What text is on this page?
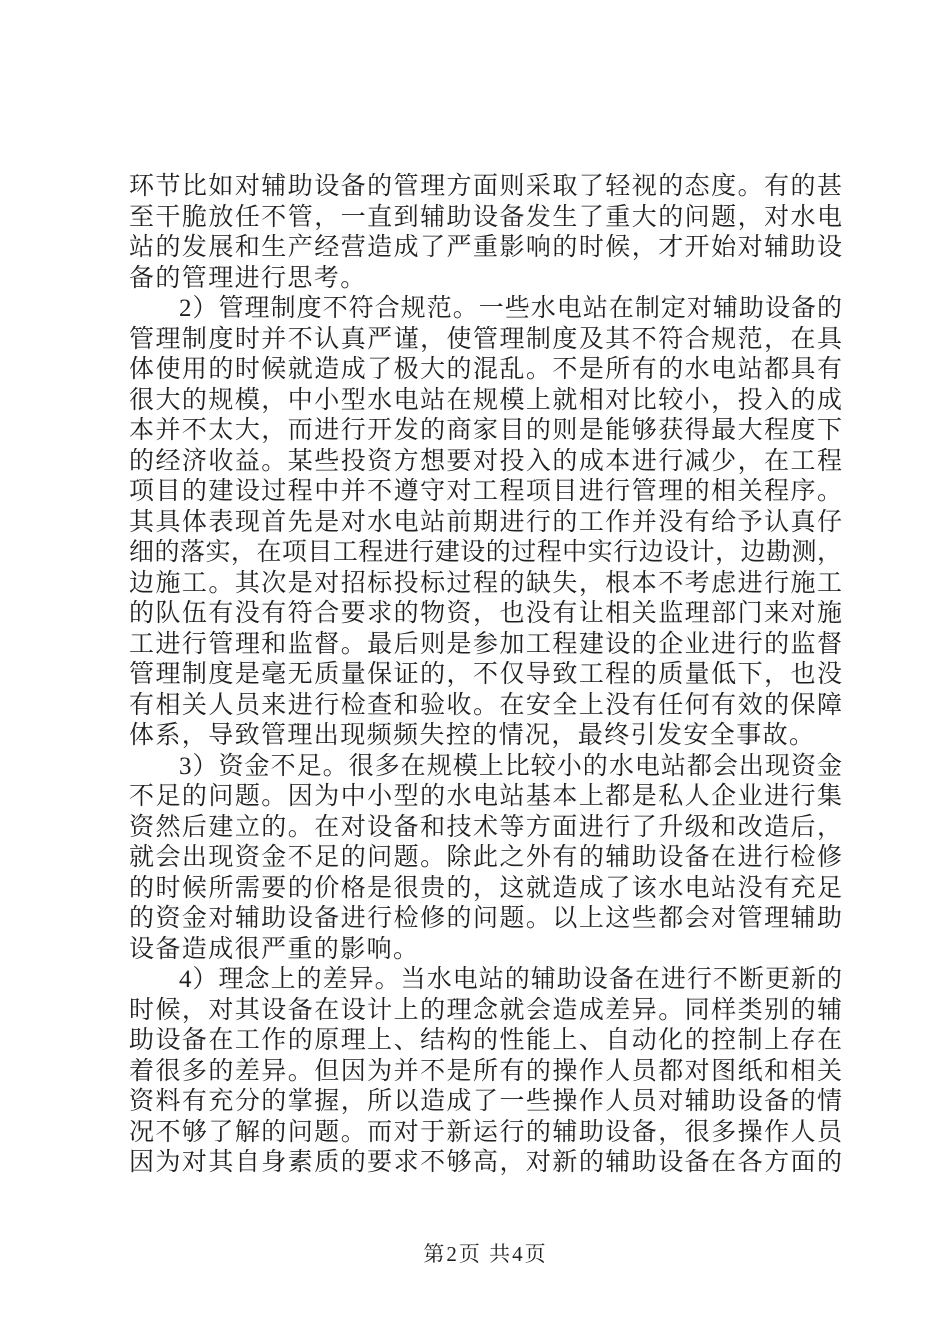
环节比如对辅助设备的管理方面则采取了轻视的态度。有的甚
至干脆放任不管，一直到辅助设备发生了重大的问题，对水电
站的发展和生产经营造成了严重影响的时候，才开始对辅助设
备的管理进行思考。
2）管理制度不符合规范。一些水电站在制定对辅助设备的
管理制度时并不认真严谨，使管理制度及其不符合规范，在具
体使用的时候就造成了极大的混乱。不是所有的水电站都具有
很大的规模，中小型水电站在规模上就相对比较小，投入的成
本并不太大，而进行开发的商家目的则是能够获得最大程度下
的经济收益。某些投资方想要对投入的成本进行减少，在工程
项目的建设过程中并不遵守对工程项目进行管理的相关程序。
其具体表现首先是对水电站前期进行的工作并没有给予认真仔
细的落实，在项目工程进行建设的过程中实行边设计，边勘测，
边施工。其次是对招标投标过程的缺失，根本不考虑进行施工
的队伍有没有符合要求的物资，也没有让相关监理部门来对施
工进行管理和监督。最后则是参加工程建设的企业进行的监督
管理制度是毫无质量保证的，不仅导致工程的质量低下，也没
有相关人员来进行检查和验收。在安全上没有任何有效的保障
体系，导致管理出现频频失控的情况，最终引发安全事故。
3）资金不足。很多在规模上比较小的水电站都会出现资金
不足的问题。因为中小型的水电站基本上都是私人企业进行集
资然后建立的。在对设备和技术等方面进行了升级和改造后，
就会出现资金不足的问题。除此之外有的辅助设备在进行检修
的时候所需要的价格是很贵的，这就造成了该水电站没有充足
的资金对辅助设备进行检修的问题。以上这些都会对管理辅助
设备造成很严重的影响。
4）理念上的差异。当水电站的辅助设备在进行不断更新的
时候，对其设备在设计上的理念就会造成差异。同样类别的辅
助设备在工作的原理上、结构的性能上、自动化的控制上存在
着很多的差异。但因为并不是所有的操作人员都对图纸和相关
资料有充分的掌握，所以造成了一些操作人员对辅助设备的情
况不够了解的问题。而对于新运行的辅助设备，很多操作人员
因为对其自身素质的要求不够高，对新的辅助设备在各方面的
第2页 共4页
